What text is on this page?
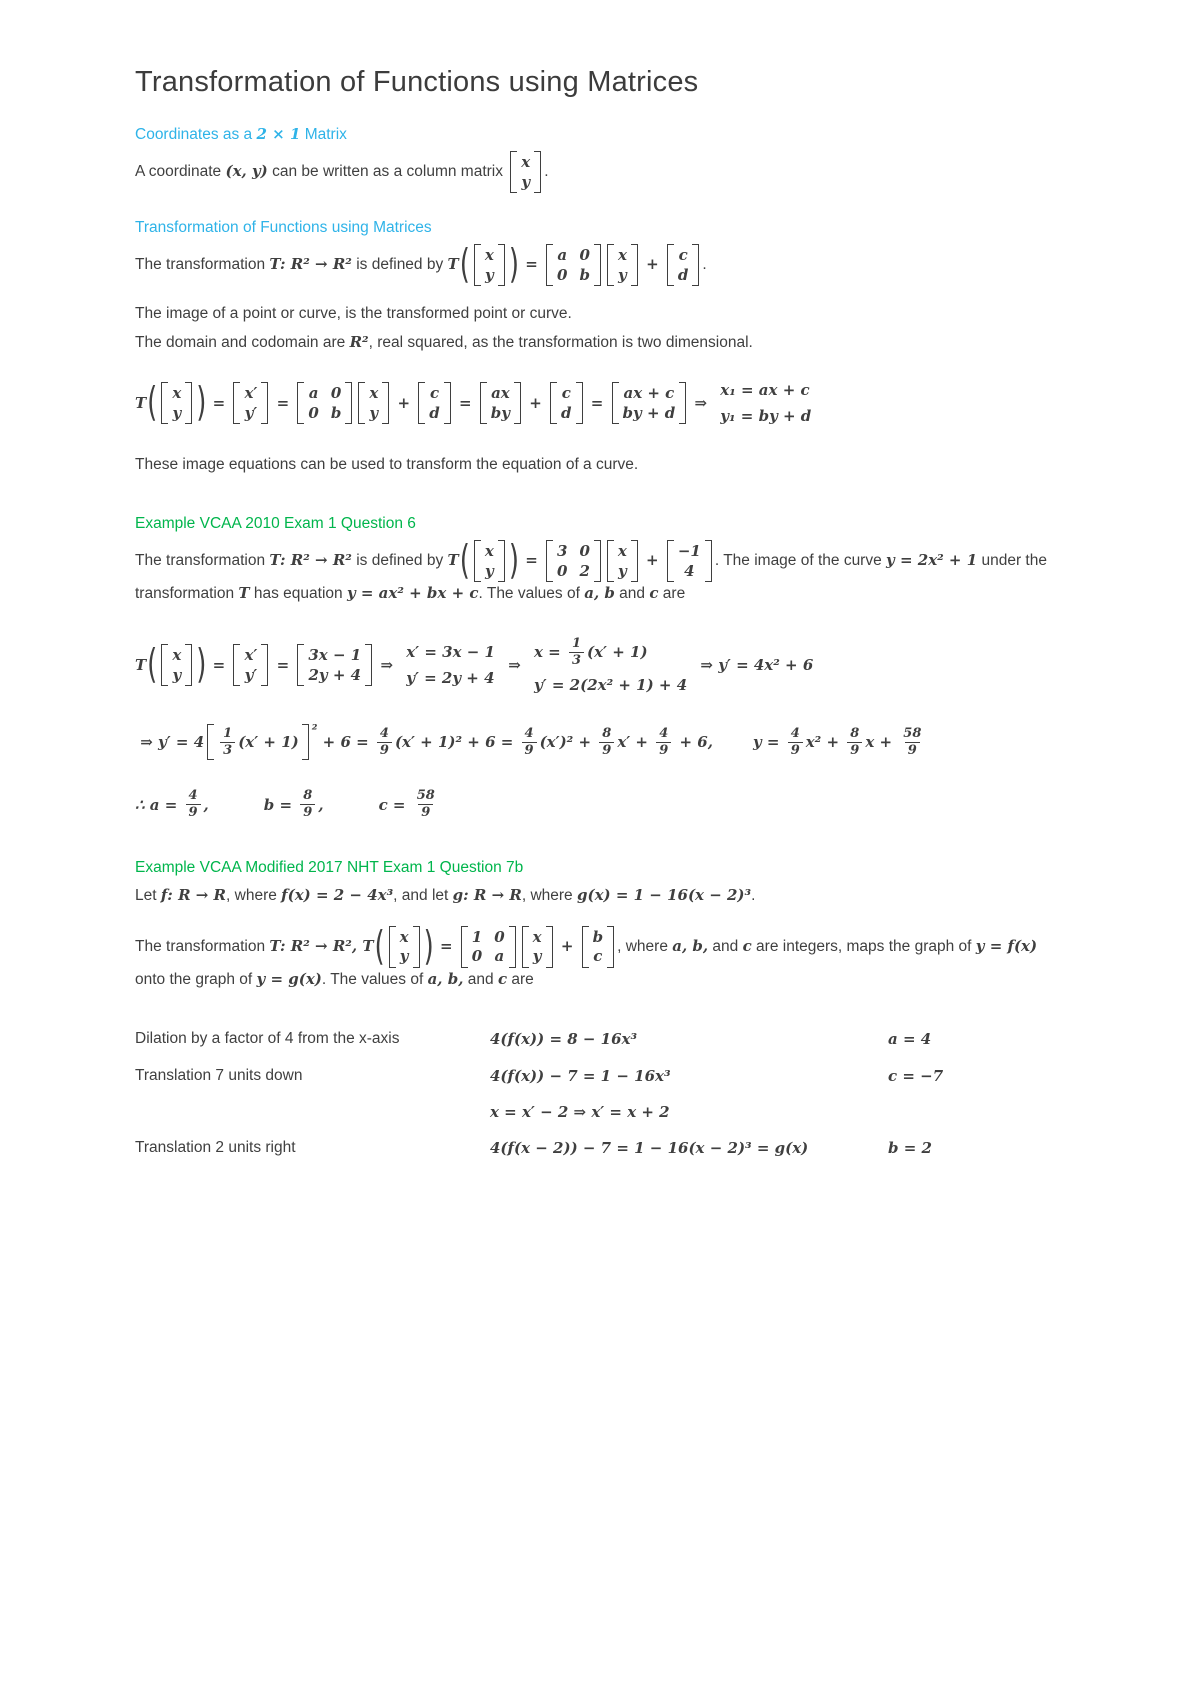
Transformation of Functions using Matrices
Coordinates as a 2 × 1 Matrix

A coordinate (x, y) can be written as a column matrix
x
y
.

Transformation of Functions using Matrices

The transformation T: R² → R² is defined by T( x
y ) =
a 0
0 b
x
y
+
c
d
.

The image of a point or curve, is the transformed point or curve.

The domain and codomain are R², real squared, as the transformation is two dimensional.

T ( x
y ) =
x′
y′
=
a 0
0 b
x
y
+
c
d
=
ax
by
+
c
d
=
ax + c
by + d
⇒
x₁ = ax + c
y₁ = by + d

These image equations can be used to transform the equation of a curve.

Example VCAA 2010 Exam 1 Question 6

The transformation T: R² → R² is defined by T( x
y ) =
3 0
0 2
x
y
+
−1
4
. The image of the curve y = 2x² + 1 under the transformation T has equation y = ax² + bx + c. The values of a, b and c are

T ( x
y ) =
x′
y′
=
3x − 1
2y + 4
⇒
x′ = 3x − 1
y′ = 2y + 4
⇒
$x = \frac{1}{3} (x' + 1)$
y′ = 2(2x² + 1) + 4
⇒ y′ = 4x² + 6
⇒ $y' = 4 \frac{1}{3} (x' + 1)$
²
+ $6 = \frac{4}{9} (x' + 1)^2 + 6 = \frac{4}{9} (x')^2 + \frac{8}{9} x' + \frac{4}{9} + 6$,	$y = \frac{4}{9} x^2 + \frac{8}{9}$ $x + \frac{58}{9}$
∴ $a = \frac{4}{9}$ ,	$b = \frac{8}{9}$ ,	$c = \frac{58}{9}$
Example VCAA Modified 2017 NHT Exam 1 Question 7b

Let f: R → R, where f(x) = 2 − 4x³, and let g: R → R, where g(x) = 1 − 16(x − 2)³.

The transformation T: R² → R², T( x
y ) =
1 0
0 a
x
y
+
b
c
, where a, b, and c are integers, maps the graph of y = f(x) onto the graph of y = g(x). The values of a, b, and c are

Dilation by a factor of 4 from the x-axis	4(f(x)) = 8 − 16x³	a = 4
Translation 7 units down	4(f(x)) − 7 = 1 − 16x³	c = −7
x = x′ − 2 ⇒ x′ = x + 2
Translation 2 units right	4(f(x − 2)) − 7 = 1 − 16(x − 2)³ = g(x)	b = 2
